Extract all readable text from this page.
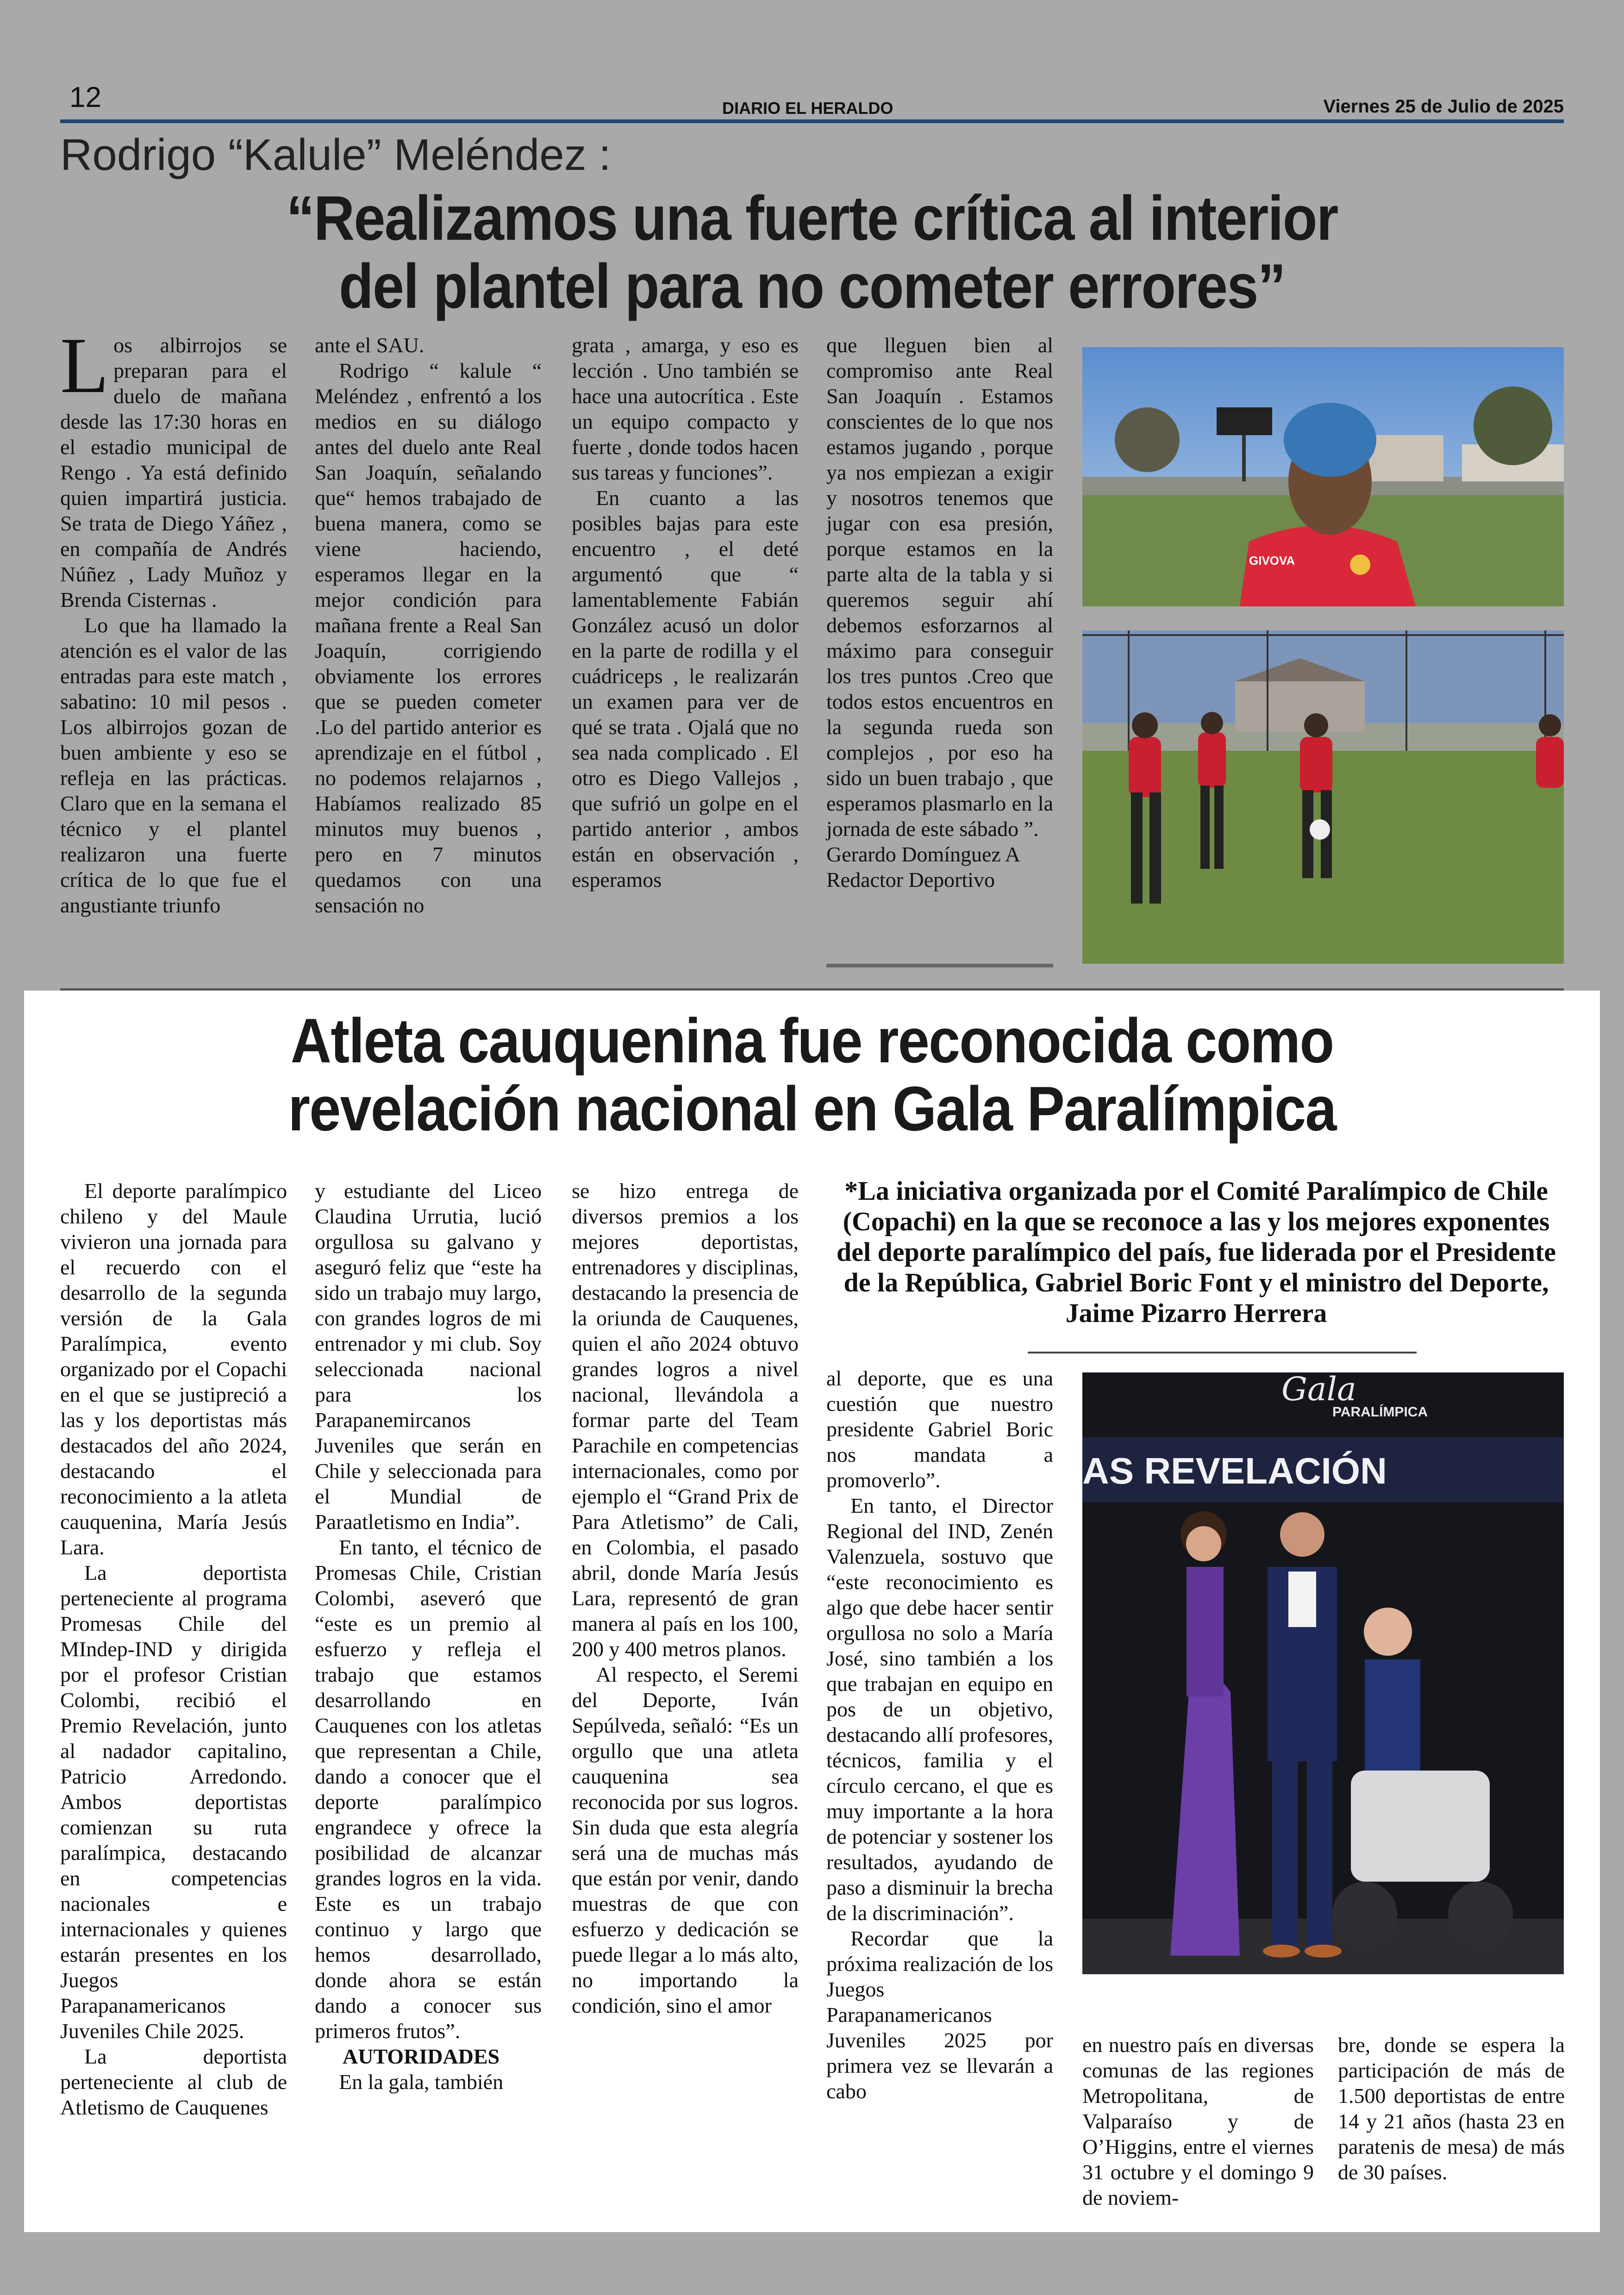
12	DIARIO EL HERALDO	Viernes 25 de Julio de 2025
Rodrigo “Kalule” Meléndez :
“Realizamos una fuerte crítica al interior
del plantel para no cometer errores”

Los albirrojos se preparan para el duelo de mañana desde las 17:30 horas en el estadio municipal de Rengo . Ya está definido quien impartirá justicia. Se trata de Diego Yáñez , en compañía de Andrés Núñez , Lady Muñoz y Brenda Cisternas .

Lo que ha llamado la atención es el valor de las entradas para este match , sabatino: 10 mil pesos . Los albirrojos gozan de buen ambiente y eso se refleja en las prácticas. Claro que en la semana el técnico y el plantel realizaron una fuerte crítica de lo que fue el angustiante triunfo

ante el SAU.

Rodrigo “ kalule “ Meléndez , enfrentó a los medios en su diálogo antes del duelo ante Real San Joaquín, señalando que“ hemos trabajado de buena manera, como se viene haciendo, esperamos llegar en la mejor condición para mañana frente a Real San Joaquín, corrigiendo obviamente los errores que se pueden cometer .Lo del partido anterior es aprendizaje en el fútbol , no podemos relajarnos , Habíamos realizado 85 minutos muy buenos , pero en 7 minutos quedamos con una sensación no

grata , amarga, y eso es lección . Uno también se hace una autocrítica . Este un equipo compacto y fuerte , donde todos hacen sus tareas y funciones”.

En cuanto a las posibles bajas para este encuentro , el deté argumentó que “ lamentablemente Fabián González acusó un dolor en la parte de rodilla y el cuádriceps , le realizarán un examen para ver de qué se trata . Ojalá que no sea nada complicado . El otro es Diego Vallejos , que sufrió un golpe en el partido anterior , ambos están en observación , esperamos

que lleguen bien al compromiso ante Real San Joaquín . Estamos conscientes de lo que nos estamos jugando , porque ya nos empiezan a exigir y nosotros tenemos que jugar con esa presión, porque estamos en la parte alta de la tabla y si queremos seguir ahí debemos esforzarnos al máximo para conseguir los tres puntos .Creo que todos estos encuentros en la segunda rueda son complejos , por eso ha sido un buen trabajo , que esperamos plasmarlo en la jornada de este sábado ”.

Gerardo Domínguez A

Redactor Deportivo

GIVOVA
Atleta cauquenina fue reconocida como
revelación nacional en Gala Paralímpica
*La iniciativa organizada por el Comité Paralímpico de Chile (Copachi) en la que se reconoce a las y los mejores exponentes del deporte paralímpico del país, fue liderada por el Presidente de la República, Gabriel Boric Font y el ministro del Deporte, Jaime Pizarro Herrera

El deporte paralímpico chileno y del Maule vivieron una jornada para el recuerdo con el desarrollo de la segunda versión de la Gala Paralímpica, evento organizado por el Copachi en el que se justipreció a las y los deportistas más destacados del año 2024, destacando el reconocimiento a la atleta cauquenina, María Jesús Lara.

La deportista perteneciente al programa Promesas Chile del MIndep-IND y dirigida por el profesor Cristian Colombi, recibió el Premio Revelación, junto al nadador capitalino, Patricio Arredondo. Ambos deportistas comienzan su ruta paralímpica, destacando en competencias nacionales e internacionales y quienes estarán presentes en los Juegos Parapanamericanos Juveniles Chile 2025.

La deportista perteneciente al club de Atletismo de Cauquenes

y estudiante del Liceo Claudina Urrutia, lució orgullosa su galvano y aseguró feliz que “este ha sido un trabajo muy largo, con grandes logros de mi entrenador y mi club. Soy seleccionada nacional para los Parapanemircanos Juveniles que serán en Chile y seleccionada para el Mundial de Paraatletismo en India”.

En tanto, el técnico de Promesas Chile, Cristian Colombi, aseveró que “este es un premio al esfuerzo y refleja el trabajo que estamos desarrollando en Cauquenes con los atletas que representan a Chile, dando a conocer que el deporte paralímpico engrandece y ofrece la posibilidad de alcanzar grandes logros en la vida. Este es un trabajo continuo y largo que hemos desarrollado, donde ahora se están dando a conocer sus primeros frutos”.

AUTORIDADES

En la gala, también

se hizo entrega de diversos premios a los mejores deportistas, entrenadores y disciplinas, destacando la presencia de la oriunda de Cauquenes, quien el año 2024 obtuvo grandes logros a nivel nacional, llevándola a formar parte del Team Parachile en competencias internacionales, como por ejemplo el “Grand Prix de Para Atletismo” de Cali, en Colombia, el pasado abril, donde María Jesús Lara, representó de gran manera al país en los 100, 200 y 400 metros planos.

Al respecto, el Seremi del Deporte, Iván Sepúlveda, señaló: “Es un orgullo que una atleta cauquenina sea reconocida por sus logros. Sin duda que esta alegría será una de muchas más que están por venir, dando muestras de que con esfuerzo y dedicación se puede llegar a lo más alto, no importando la condición, sino el amor

al deporte, que es una cuestión que nuestro presidente Gabriel Boric nos mandata a promoverlo”.

En tanto, el Director Regional del IND, Zenén Valenzuela, sostuvo que “este reconocimiento es algo que debe hacer sentir orgullosa no solo a María José, sino también a los que trabajan en equipo en pos de un objetivo, destacando allí profesores, técnicos, familia y el círculo cercano, el que es muy importante a la hora de potenciar y sostener los resultados, ayudando de paso a disminuir la brecha de la discriminación”.

Recordar que la próxima realización de los Juegos Parapanamericanos Juveniles 2025 por primera vez se llevarán a cabo

en nuestro país en diversas comunas de las regiones Metropolitana, de Valparaíso y de O’Higgins, entre el viernes 31 octubre y el domingo 9 de noviem-

bre, donde se espera la participación de más de 1.500 deportistas de entre 14 y 21 años (hasta 23 en paratenis de mesa) de más de 30 países.

Gala
PARALÍMPICA
AS REVELACIÓN
